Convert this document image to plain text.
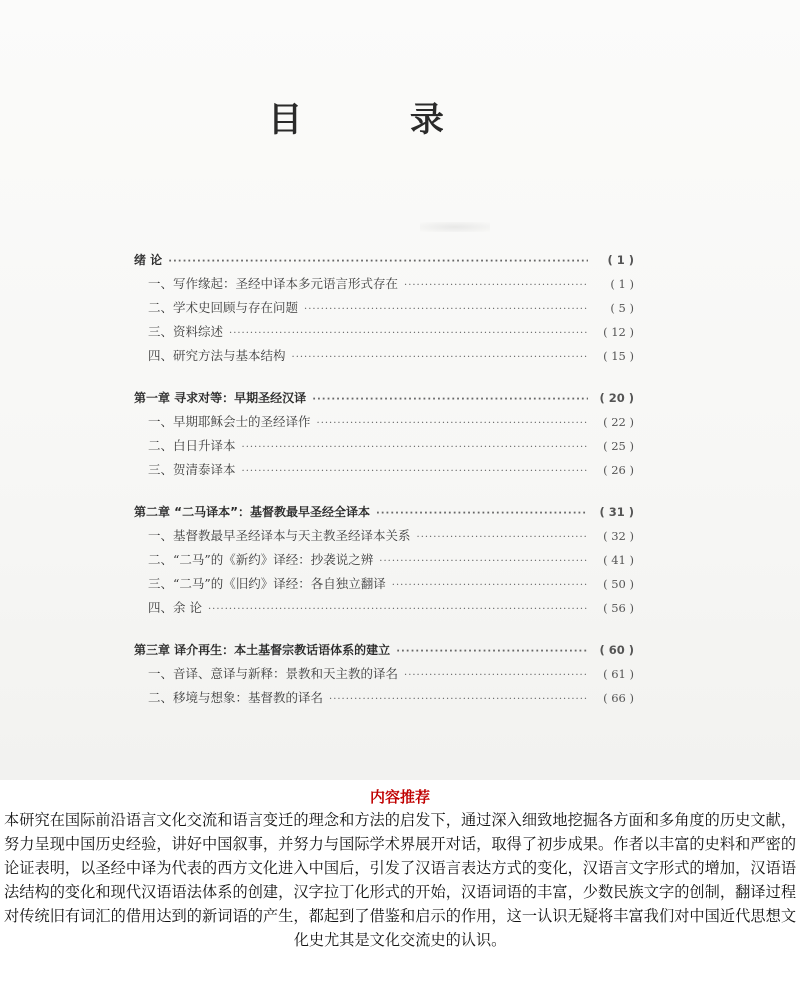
目 录
绪 论 ·····	( 1 )
一、写作缘起：圣经中译本多元语言形式存在 ·····	( 1 )
二、学术史回顾与存在问题 ·····	( 5 )
三、资料综述 ·····	( 12 )
四、研究方法与基本结构 ·····	( 15 )
第一章 寻求对等：早期圣经汉译 ·····	( 20 )
一、早期耶稣会士的圣经译作 ·····	( 22 )
二、白日升译本 ·····	( 25 )
三、贺清泰译本 ·····	( 26 )
第二章 “二马译本”：基督教最早圣经全译本 ·····	( 31 )
一、基督教最早圣经译本与天主教圣经译本关系 ·····	( 32 )
二、“二马”的《新约》译经：抄袭说之辨 ·····	( 41 )
三、“二马”的《旧约》译经：各自独立翻译 ·····	( 50 )
四、余 论 ·····	( 56 )
第三章 译介再生：本土基督宗教话语体系的建立 ·····	( 60 )
一、音译、意译与新释：景教和天主教的译名 ·····	( 61 )
二、移境与想象：基督教的译名 ·····	( 66 )
内容推荐
本研究在国际前沿语言文化交流和语言变迁的理念和方法的启发下，通过深入细致地挖掘各方面和多角度的历史文献，努力呈现中国历史经验，讲好中国叙事，并努力与国际学术界展开对话，取得了初步成果。作者以丰富的史料和严密的论证表明，以圣经中译为代表的西方文化进入中国后，引发了汉语言表达方式的变化，汉语言文字形式的增加，汉语语法结构的变化和现代汉语语法体系的创建，汉字拉丁化形式的开始，汉语词语的丰富，少数民族文字的创制，翻译过程对传统旧有词汇的借用达到的新词语的产生，都起到了借鉴和启示的作用，这一认识无疑将丰富我们对中国近代思想文化史尤其是文化交流史的认识。
